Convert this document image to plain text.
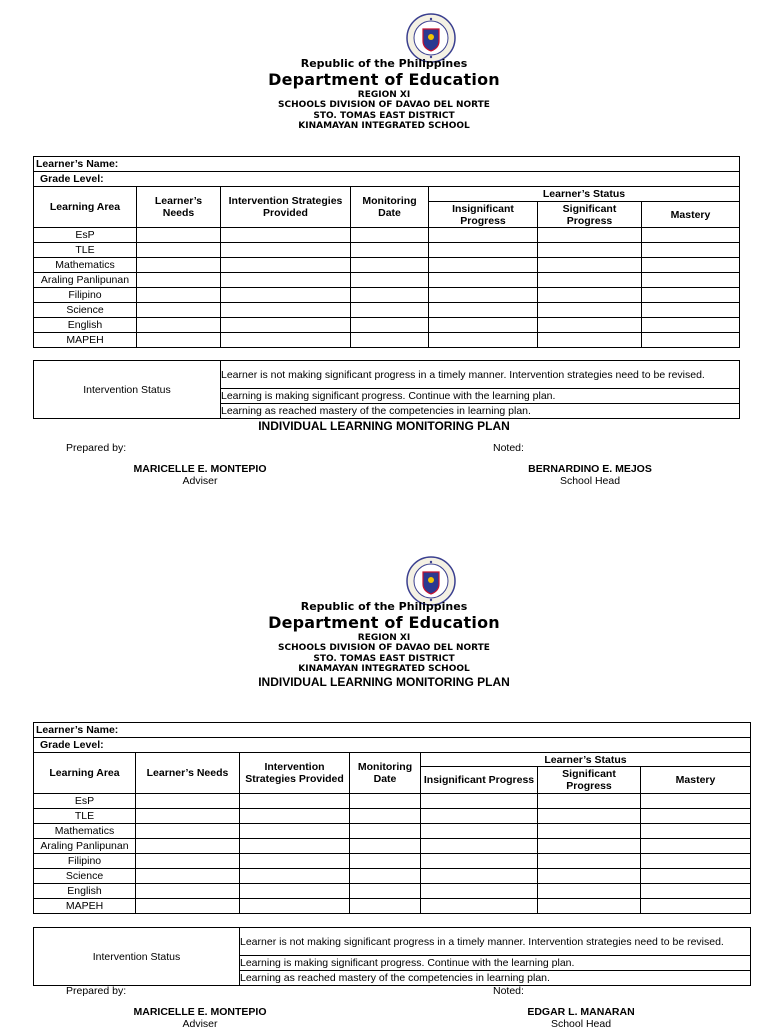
Republic of the Philippines
Department of Education
REGION XI
SCHOOLS DIVISION OF DAVAO DEL NORTE
STO. TOMAS EAST DISTRICT
KINAMAYAN INTEGRATED SCHOOL
Learner’s Name:						
Grade Level:						
Learning Area	Learner’s Needs	Intervention Strategies Provided	Monitoring Date	Learner’s Status		
				Insignificant Progress	Significant Progress	Mastery
EsP						
TLE						
Mathematics						
Araling Panlipunan						
Filipino						
Science						
English						
MAPEH						
Intervention Status	Learner is not making significant progress in a timely manner. Intervention strategies need to be revised.
Learning is making significant progress. Continue with the learning plan.
Learning as reached mastery of the competencies in learning plan.
INDIVIDUAL LEARNING MONITORING PLAN
Prepared by:	Noted:
MARICELLE E. MONTEPIO
Adviser
BERNARDINO E. MEJOS
School Head
Republic of the Philippines
Department of Education
REGION XI
SCHOOLS DIVISION OF DAVAO DEL NORTE
STO. TOMAS EAST DISTRICT
KINAMAYAN INTEGRATED SCHOOL
INDIVIDUAL LEARNING MONITORING PLAN
Learner’s Name:						
Grade Level:						
Learning Area	Learner’s Needs	Intervention Strategies Provided	Monitoring Date	Learner’s Status		
				Insignificant Progress	Significant Progress	Mastery
EsP						
TLE						
Mathematics						
Araling Panlipunan						
Filipino						
Science						
English						
MAPEH						
Intervention Status	Learner is not making significant progress in a timely manner. Intervention strategies need to be revised.
Learning is making significant progress. Continue with the learning plan.
Learning as reached mastery of the competencies in learning plan.
Prepared by:	Noted:
MARICELLE E. MONTEPIO
Adviser
EDGAR L. MANARAN
School Head
